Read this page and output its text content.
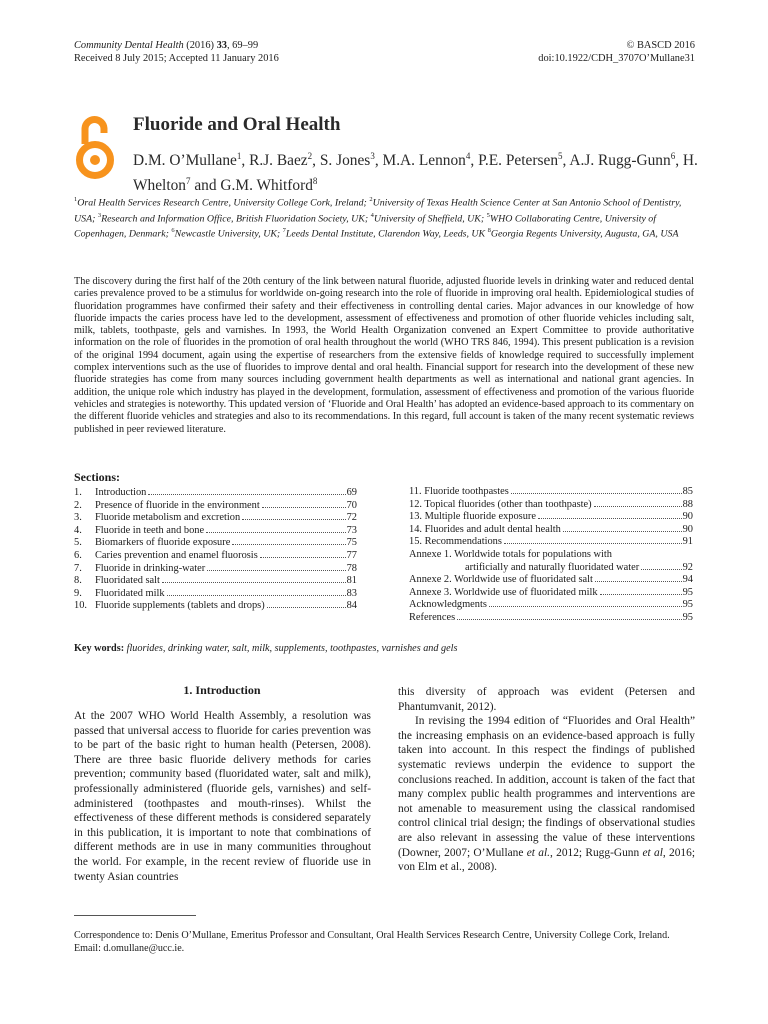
Community Dental Health (2016) 33, 69–99
Received 8 July 2015; Accepted 11 January 2016
© BASCD 2016
doi:10.1922/CDH_3707O’Mullane31
Fluoride and Oral Health
D.M. O’Mullane$^1$, R.J. Baez$^2$, S. Jones$^3$, M.A. Lennon$^4$, P.E. Petersen$^5$, A.J. Rugg-Gunn$^6$, H. Whelton$^7$ and G.M. Whitford$^8$
$^1$Oral Health Services Research Centre, University College Cork, Ireland; $^2$University of Texas Health Science Center at San Antonio School of Dentistry, USA; $^3$Research and Information Office, British Fluoridation Society, UK; $^4$University of Sheffield, UK; $^5$WHO Collaborating Centre, University of Copenhagen, Denmark; $^6$Newcastle University, UK; $^7$Leeds Dental Institute, Clarendon Way, Leeds, UK $^8$Georgia Regents University, Augusta, GA, USA

The discovery during the first half of the 20th century of the link between natural fluoride, adjusted fluoride levels in drinking water and reduced dental caries prevalence proved to be a stimulus for worldwide on-going research into the role of fluoride in improving oral health. Epidemiological studies of fluoridation programmes have confirmed their safety and their effectiveness in controlling dental caries. Major advances in our knowledge of how fluoride impacts the caries process have led to the development, assessment of effectiveness and promotion of other fluoride vehicles including salt, milk, tablets, toothpaste, gels and varnishes. In 1993, the World Health Organization convened an Expert Committee to provide authoritative information on the role of fluorides in the promotion of oral health throughout the world (WHO TRS 846, 1994). This present publication is a revision of the original 1994 document, again using the expertise of researchers from the extensive fields of knowledge required to successfully implement complex interventions such as the use of fluorides to improve dental and oral health. Financial support for research into the development of these new fluoride strategies has come from many sources including government health departments as well as international and national grant agencies. In addition, the unique role which industry has played in the development, formulation, assessment of effectiveness and promotion of the various fluoride vehicles and strategies is noteworthy. This updated version of ‘Fluoride and Oral Health’ has adopted an evidence-based approach to its commentary on the different fluoride vehicles and strategies and also to its recommendations. In this regard, full account is taken of the many recent systematic reviews published in peer reviewed literature.

Sections:
1.	Introduction	69
2.	Presence of fluoride in the environment	70
3.	Fluoride metabolism and excretion	72
4.	Fluoride in teeth and bone	73
5.	Biomarkers of fluoride exposure	75
6.	Caries prevention and enamel fluorosis	77
7.	Fluoride in drinking-water	78
8.	Fluoridated salt	81
9.	Fluoridated milk	83
10. Fluoride supplements (tablets and drops)	84
11. Fluoride toothpastes	85
12. Topical fluorides (other than toothpaste)	88
13. Multiple fluoride exposure	90
14. Fluorides and adult dental health	90
15. Recommendations	91
Annexe 1. Worldwide totals for populations with
artificially and naturally fluoridated water	92
Annexe 2. Worldwide use of fluoridated salt	94
Annexe 3. Worldwide use of fluoridated milk	95
Acknowledgments	95
References	95
Key words: fluorides, drinking water, salt, milk, supplements, toothpastes, varnishes and gels
1. Introduction

At the 2007 WHO World Health Assembly, a resolution was passed that universal access to fluoride for caries prevention was to be part of the basic right to human health (Petersen, 2008). There are three basic fluoride delivery methods for caries prevention; community based (fluoridated water, salt and milk), professionally administered (fluoride gels, varnishes) and self-administered (toothpastes and mouth-rinses). Whilst the effectiveness of these different methods is considered separately in this publication, it is important to note that combinations of different methods are in use in many communities throughout the world. For example, in the recent review of fluoride use in twenty Asian countries

this diversity of approach was evident (Petersen and Phantumvanit, 2012).

In revising the 1994 edition of “Fluorides and Oral Health” the increasing emphasis on an evidence-based approach is fully taken into account. In this respect the findings of published systematic reviews underpin the evidence to support the conclusions reached. In addition, account is taken of the fact that many complex public health programmes and interventions are not amenable to measurement using the classical randomised control clinical trial design; the findings of observational studies are also relevant in assessing the value of these interventions (Downer, 2007; O’Mullane et al., 2012; Rugg-Gunn et al, 2016; von Elm et al., 2008).

Correspondence to: Denis O’Mullane, Emeritus Professor and Consultant, Oral Health Services Research Centre, University College Cork, Ireland. Email: d.omullane@ucc.ie.
